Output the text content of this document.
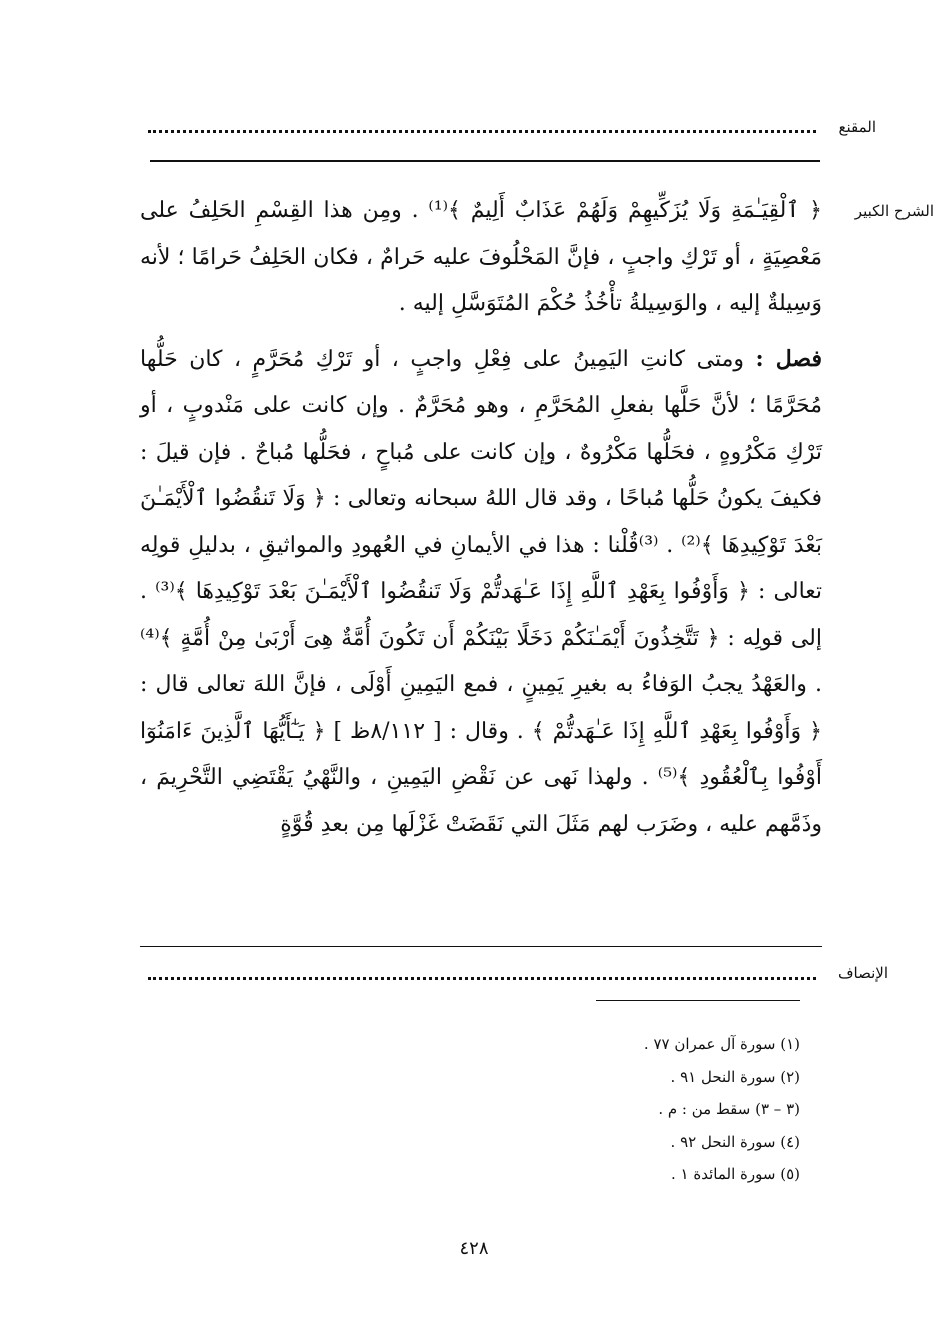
المقنع
الشرح الكبير

﴿ ٱلْقِيَـٰمَةِ وَلَا يُزَكِّيهِمْ وَلَهُمْ عَذَابٌ أَلِيمٌ ﴾⁽¹⁾ . ومِن هذا القِسْمِ الحَلِفُ على مَعْصِيَةٍ ، أو تَرْكِ واجبٍ ، فإنَّ المَحْلُوفَ عليه حَرامٌ ، فكان الحَلِفُ حَرامًا ؛ لأنه وَسِيلةٌ إليه ، والوَسِيلةُ تأْخُذُ حُكْمَ المُتَوَسَّلِ إليه .

فصل : ومتى كانتِ اليَمِينُ على فِعْلِ واجبٍ ، أو تَرْكِ مُحَرَّمٍ ، كان حَلُّها مُحَرَّمًا ؛ لأنَّ حَلَّها بفعلِ المُحَرَّمِ ، وهو مُحَرَّمٌ . وإن كانت على مَنْدوبٍ ، أو تَرْكِ مَكْرُوهٍ ، فحَلُّها مَكْرُوهٌ ، وإن كانت على مُباحٍ ، فحَلُّها مُباحٌ . فإن قيلَ : فكيفَ يكونُ حَلُّها مُباحًا ، وقد قال اللهُ سبحانه وتعالى : ﴿ وَلَا تَنقُضُوا ٱلْأَيْمَـٰنَ بَعْدَ تَوْكِيدِهَا ﴾⁽²⁾ . ⁽³⁾قُلْنا : هذا في الأيمانِ في العُهودِ والمواثيقِ ، بدليلِ قولِه تعالى : ﴿ وَأَوْفُوا بِعَهْدِ ٱللَّهِ إِذَا عَـٰهَدتُّمْ وَلَا تَنقُضُوا ٱلْأَيْمَـٰنَ بَعْدَ تَوْكِيدِهَا ﴾⁽³⁾ . إلى قولِه : ﴿ تَتَّخِذُونَ أَيْمَـٰنَكُمْ دَخَلًا بَيْنَكُمْ أَن تَكُونَ أُمَّةٌ هِىَ أَرْبَىٰ مِنْ أُمَّةٍ ﴾⁽⁴⁾ . والعَهْدُ يجبُ الوَفاءُ به بغيرِ يَمِينٍ ، فمع اليَمِينِ أَوْلَى ، فإنَّ اللهَ تعالى قال : ﴿ وَأَوْفُوا بِعَهْدِ ٱللَّهِ إِذَا عَـٰهَدتُّمْ ﴾ . وقال : [ ٨/١١٢ظ ] ﴿ يَـٰٓأَيُّهَا ٱلَّذِينَ ءَامَنُوٓا أَوْفُوا بِٱلْعُقُودِ ﴾⁽⁵⁾ . ولهذا نَهى عن نَقْضِ اليَمِينِ ، والنَّهْيُ يَقْتَضِي التَّحْرِيمَ ، وذَمَّهم عليه ، وضَرَب لهم مَثَلَ التي نَقَضَتْ غَزْلَها مِن بعدِ قُوَّةٍ

الإنصاف
(١) سورة آل عمران ٧٧ .
(٢) سورة النحل ٩١ .
(٣ – ٣) سقط من : م .
(٤) سورة النحل ٩٢ .
(٥) سورة المائدة ١ .
٤٢٨
